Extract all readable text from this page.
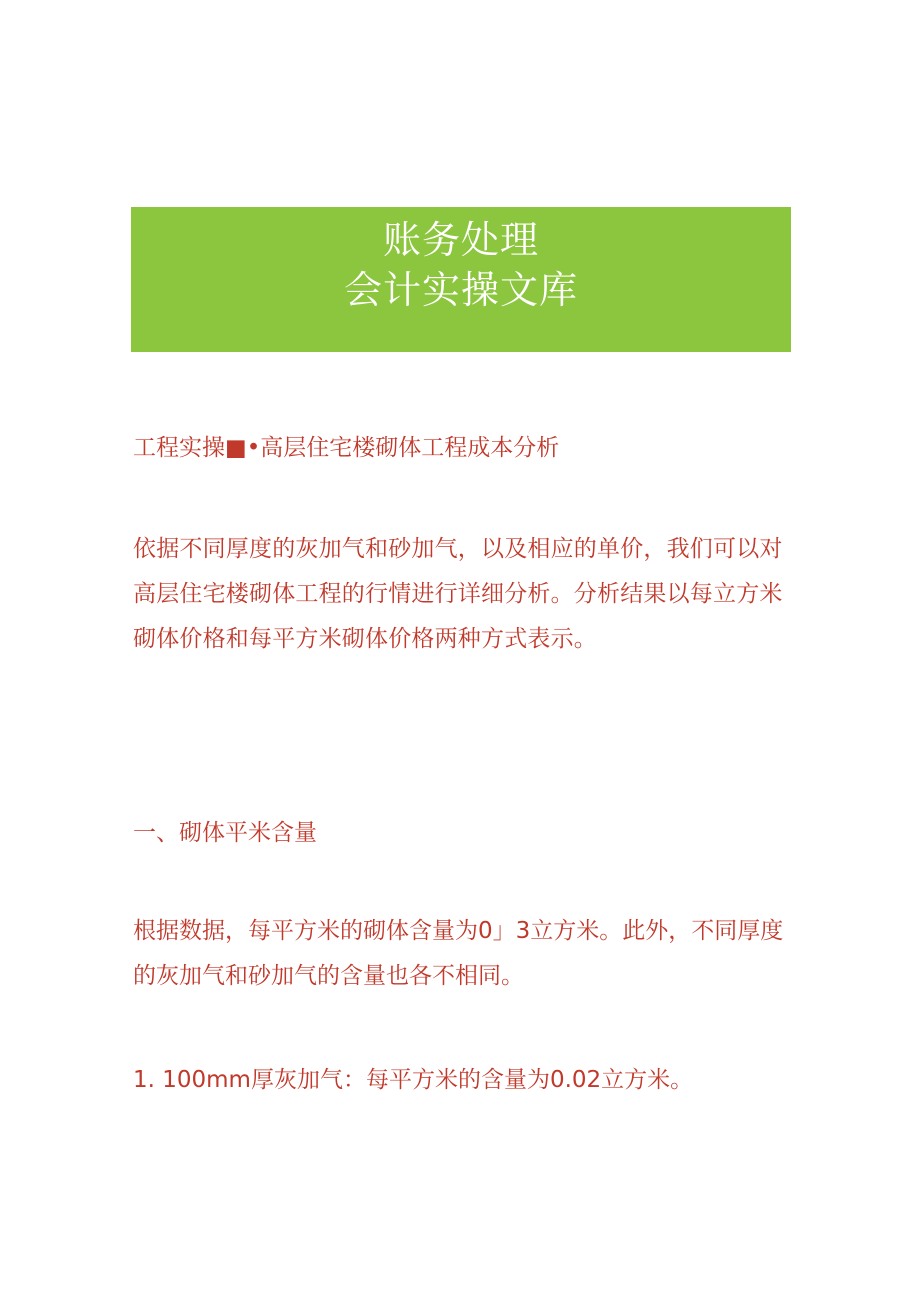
账务处理
会计实操文库

工程实操■•高层住宅楼砌体工程成本分析

依据不同厚度的灰加气和砂加气，以及相应的单价，我们可以对高层住宅楼砌体工程的行情进行详细分析。分析结果以每立方米砌体价格和每平方米砌体价格两种方式表示。

一、砌体平米含量

根据数据，每平方米的砌体含量为0」3立方米。此外，不同厚度的灰加气和砂加气的含量也各不相同。

1. 100mm厚灰加气：每平方米的含量为0.02立方米。
